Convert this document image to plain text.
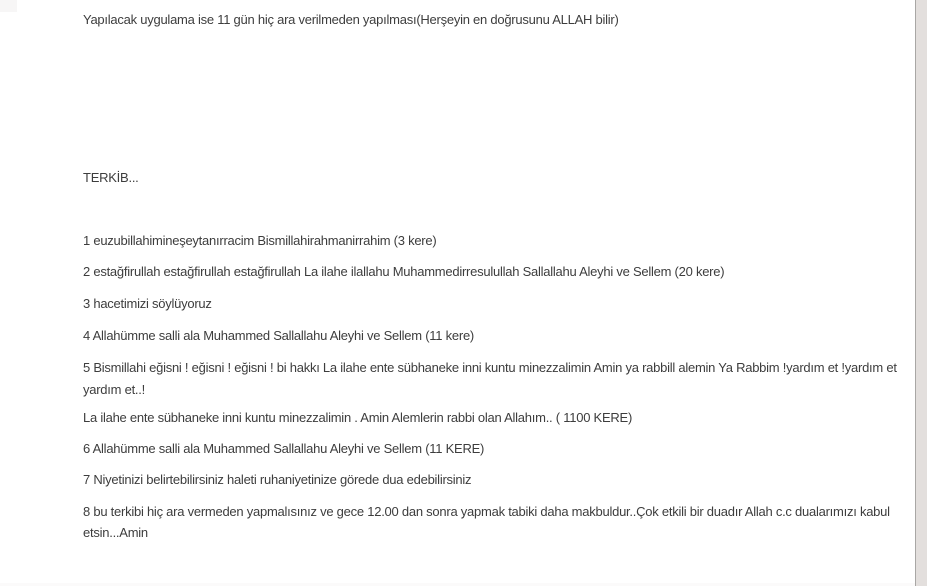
Yapılacak uygulama ise 11 gün hiç ara verilmeden yapılması(Herşeyin en doğrusunu ALLAH bilir)
TERKİB...
1 euzubillahimineşeytanırracim Bismillahirahmanirrahim (3 kere)
2 estağfirullah estağfirullah estağfirullah La ilahe ilallahu Muhammedirresulullah Sallallahu Aleyhi ve Sellem (20 kere)
3 hacetimizi söylüyoruz
4 Allahümme salli ala Muhammed Sallallahu Aleyhi ve Sellem (11 kere)
5 Bismillahi eğisni ! eğisni ! eğisni ! bi hakkı La ilahe ente sübhaneke inni kuntu minezzalimin Amin ya rabbill alemin Ya Rabbim !yardım et !yardım et
yardım et..!
La ilahe ente sübhaneke inni kuntu minezzalimin . Amin Alemlerin rabbi olan Allahım.. ( 1100 KERE)
6 Allahümme salli ala Muhammed Sallallahu Aleyhi ve Sellem (11 KERE)
7 Niyetinizi belirtebilirsiniz haleti ruhaniyetinize görede dua edebilirsiniz
8 bu terkibi hiç ara vermeden yapmalısınız ve gece 12.00 dan sonra yapmak tabiki daha makbuldur..Çok etkili bir duadır Allah c.c dualarımızı kabul
etsin...Amin
